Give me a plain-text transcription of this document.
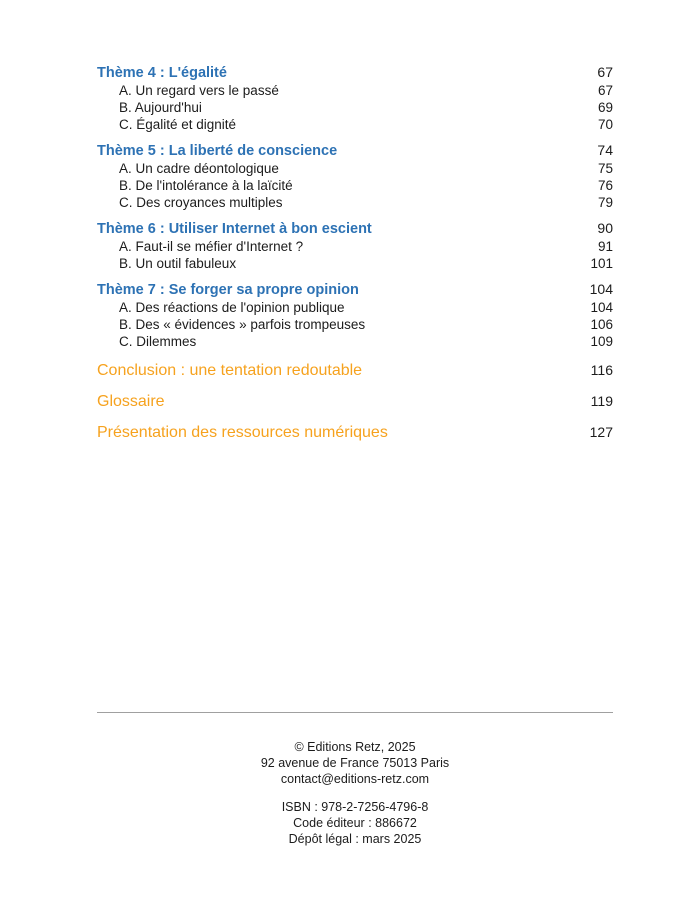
Thème 4 : L'égalité	67
A. Un regard vers le passé	67
B. Aujourd'hui	69
C. Égalité et dignité	70
Thème 5 : La liberté de conscience	74
A. Un cadre déontologique	75
B. De l'intolérance à la laïcité	76
C. Des croyances multiples	79
Thème 6 : Utiliser Internet à bon escient	90
A. Faut-il se méfier d'Internet ?	91
B. Un outil fabuleux	101
Thème 7 : Se forger sa propre opinion	104
A. Des réactions de l'opinion publique	104
B. Des « évidences » parfois trompeuses	106
C. Dilemmes	109
Conclusion : une tentation redoutable	116
Glossaire	119
Présentation des ressources numériques	127
© Editions Retz, 2025
92 avenue de France 75013 Paris
contact@editions-retz.com
ISBN : 978-2-7256-4796-8
Code éditeur : 886672
Dépôt légal : mars 2025
